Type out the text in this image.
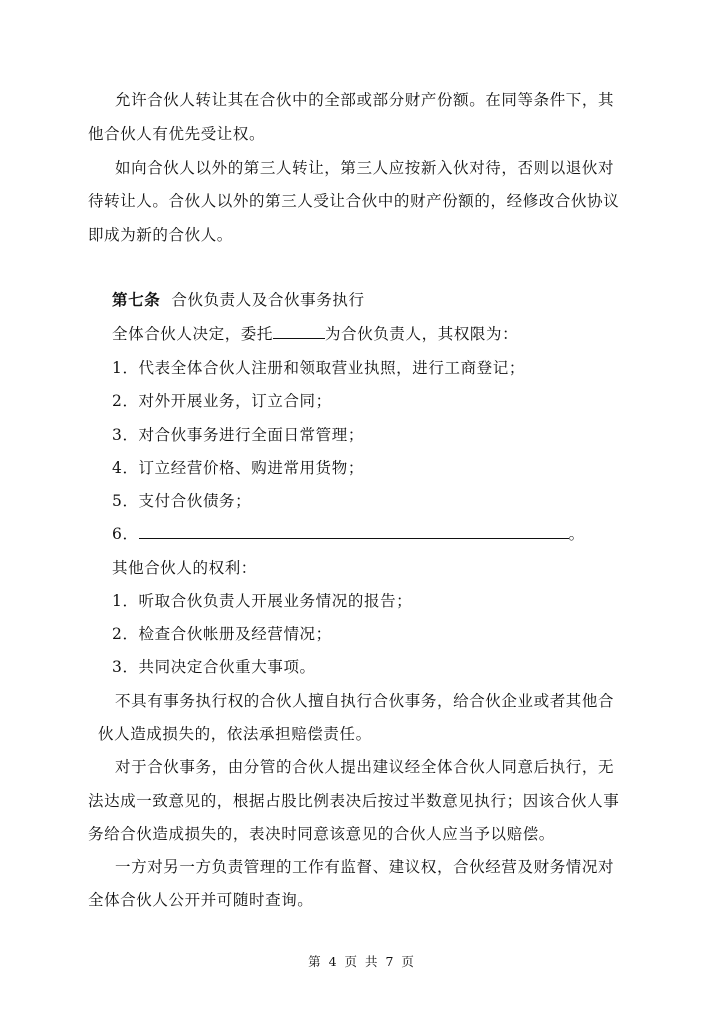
允许合伙人转让其在合伙中的全部或部分财产份额。在同等条件下，其

他合伙人有优先受让权。

如向合伙人以外的第三人转让，第三人应按新入伙对待，否则以退伙对

待转让人。合伙人以外的第三人受让合伙中的财产份额的，经修改合伙协议

即成为新的合伙人。

第七条 合伙负责人及合伙事务执行

全体合伙人决定，委托	为合伙负责人，其权限为：

1．代表全体合伙人注册和领取营业执照，进行工商登记；

2．对外开展业务，订立合同；

3．对合伙事务进行全面日常管理；

4．订立经营价格、购进常用货物；

5．支付合伙债务；

6．	。

其他合伙人的权利：

1．听取合伙负责人开展业务情况的报告；

2．检查合伙帐册及经营情况；

3．共同决定合伙重大事项。

不具有事务执行权的合伙人擅自执行合伙事务，给合伙企业或者其他合

伙人造成损失的，依法承担赔偿责任。

对于合伙事务，由分管的合伙人提出建议经全体合伙人同意后执行，无

法达成一致意见的，根据占股比例表决后按过半数意见执行；因该合伙人事

务给合伙造成损失的，表决时同意该意见的合伙人应当予以赔偿。

一方对另一方负责管理的工作有监督、建议权，合伙经营及财务情况对

全体合伙人公开并可随时查询。

第 4 页 共 7 页
